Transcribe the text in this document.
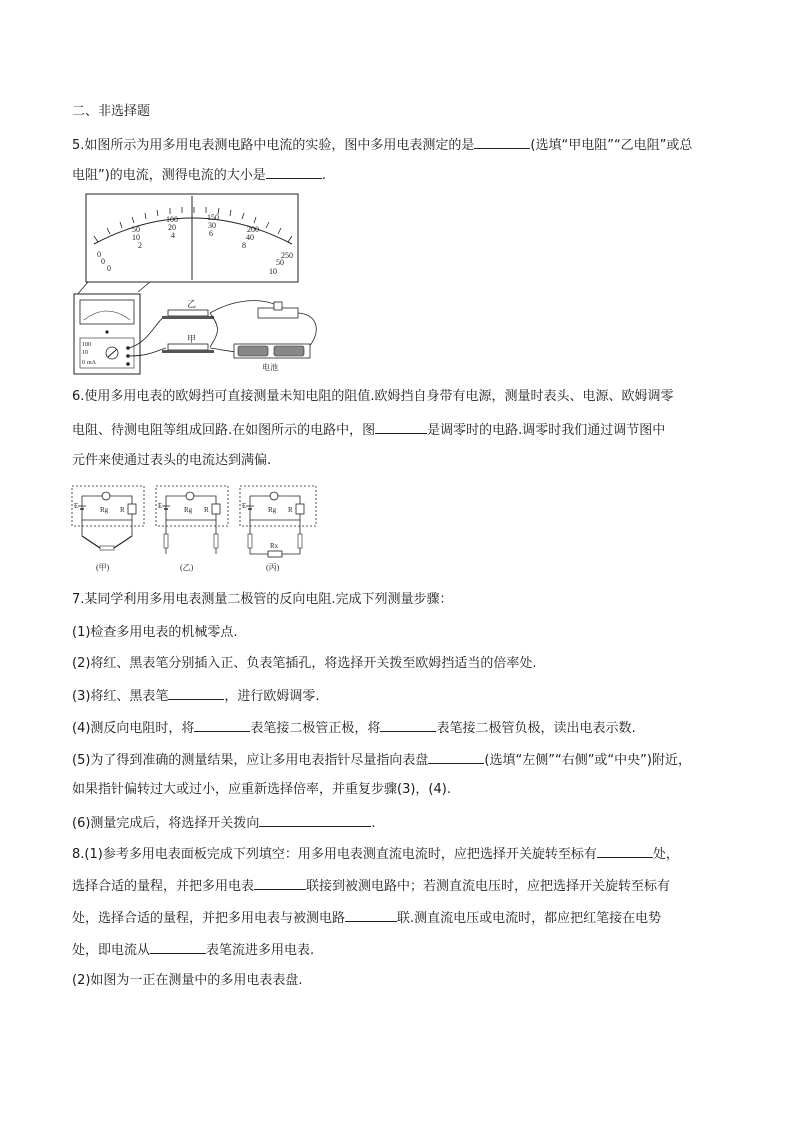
二、非选择题
5.如图所示为用多用电表测电路中电流的实验，图中多用电表测定的是	(选填“甲电阻”“乙电阻”或总
电阻”)的电流，测得电流的大小是	.
0
50
100	150
200
250
0
10
20	30
40
50
0
2
4	6
8
10
100
10
0 mA
乙
甲
电池
6.使用多用电表的欧姆挡可直接测量未知电阻的阻值.欧姆挡自身带有电源，测量时表头、电源、欧姆调零
电阻、待测电阻等组成回路.在如图所示的电路中，图	是调零时的电路.调零时我们通过调节图中
元件来使通过表头的电流达到满偏.
E	Rg R
(甲)
E	Rg R
(乙)
E	Rg R
Rx
(丙)
7.某同学利用多用电表测量二极管的反向电阻.完成下列测量步骤：
(1)检查多用电表的机械零点.
(2)将红、黑表笔分别插入正、负表笔插孔，将选择开关拨至欧姆挡适当的倍率处.
(3)将红、黑表笔	，进行欧姆调零.
(4)测反向电阻时，将	表笔接二极管正极，将	表笔接二极管负极，读出电表示数.
(5)为了得到准确的测量结果，应让多用电表指针尽量指向表盘	(选填“左侧”“右侧”或“中央”)附近，
如果指针偏转过大或过小，应重新选择倍率，并重复步骤(3)，(4).
(6)测量完成后，将选择开关拨向	.
8.(1)参考多用电表面板完成下列填空：用多用电表测直流电流时，应把选择开关旋转至标有	处，
选择合适的量程，并把多用电表	联接到被测电路中；若测直流电压时，应把选择开关旋转至标有
处，选择合适的量程，并把多用电表与被测电路	联.测直流电压或电流时，都应把红笔接在电势
处，即电流从	表笔流进多用电表.
(2)如图为一正在测量中的多用电表表盘.
